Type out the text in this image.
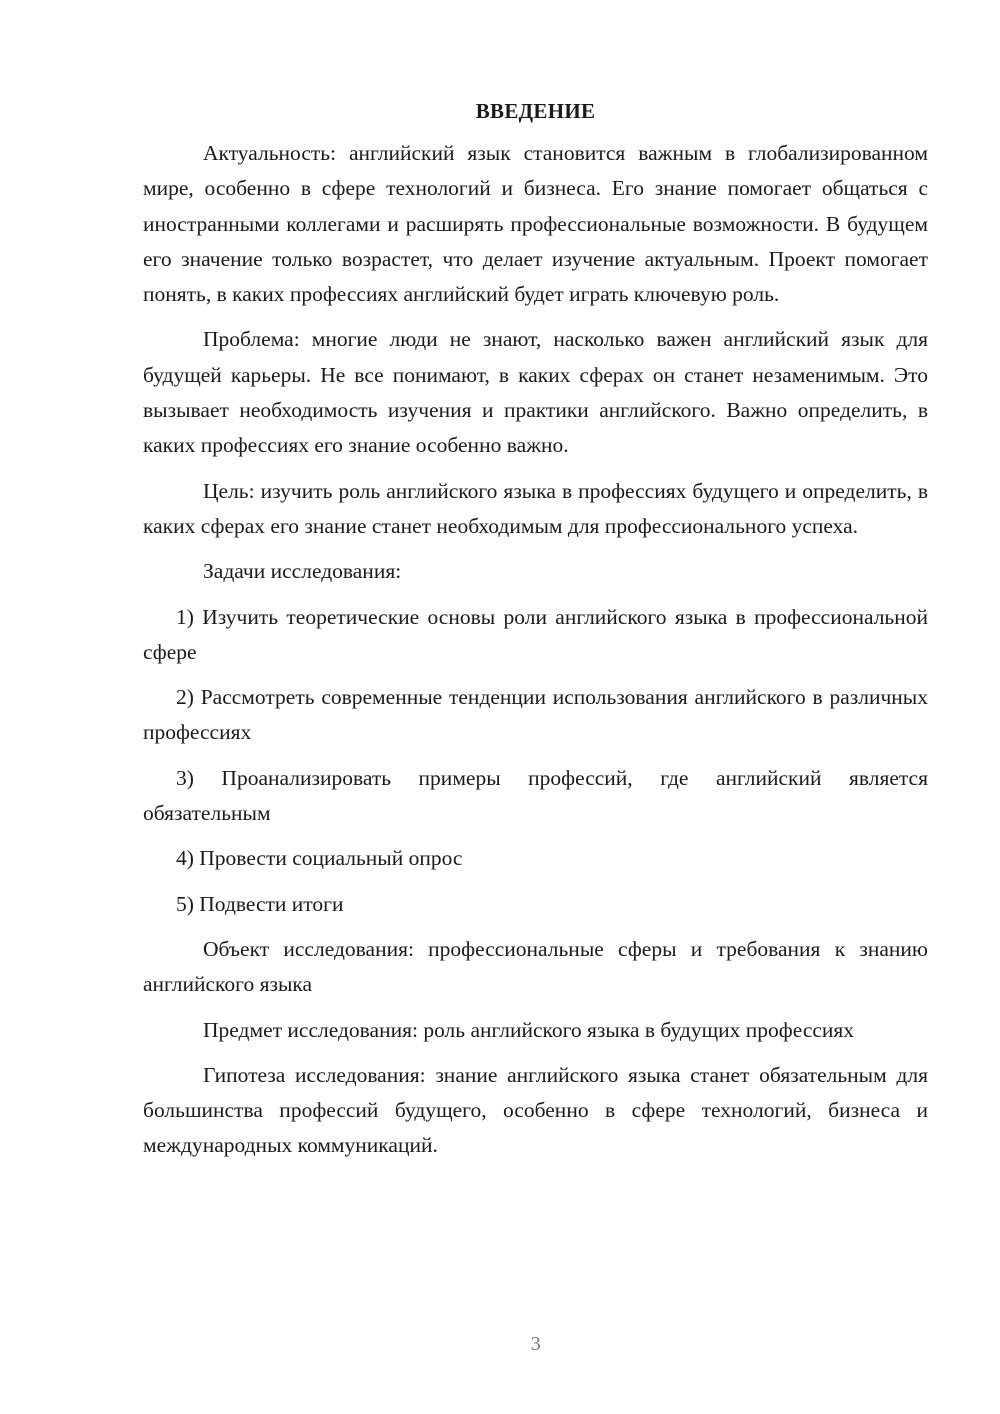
ВВЕДЕНИЕ

Актуальность: английский язык становится важным в глобализированном мире, особенно в сфере технологий и бизнеса. Его знание помогает общаться с иностранными коллегами и расширять профессиональные возможности. В будущем его значение только возрастет, что делает изучение актуальным. Проект помогает понять, в каких профессиях английский будет играть ключевую роль.

Проблема: многие люди не знают, насколько важен английский язык для будущей карьеры. Не все понимают, в каких сферах он станет незаменимым. Это вызывает необходимость изучения и практики английского. Важно определить, в каких профессиях его знание особенно важно.

Цель: изучить роль английского языка в профессиях будущего и определить, в каких сферах его знание станет необходимым для профессионального успеха.

Задачи исследования:

1) Изучить теоретические основы роли английского языка в профессиональной сфере

2) Рассмотреть современные тенденции использования английского в различных профессиях

3) Проанализировать примеры профессий, где английский является обязательным

4) Провести социальный опрос

5) Подвести итоги

Объект исследования: профессиональные сферы и требования к знанию английского языка

Предмет исследования: роль английского языка в будущих профессиях

Гипотеза исследования: знание английского языка станет обязательным для большинства профессий будущего, особенно в сфере технологий, бизнеса и международных коммуникаций.

3
